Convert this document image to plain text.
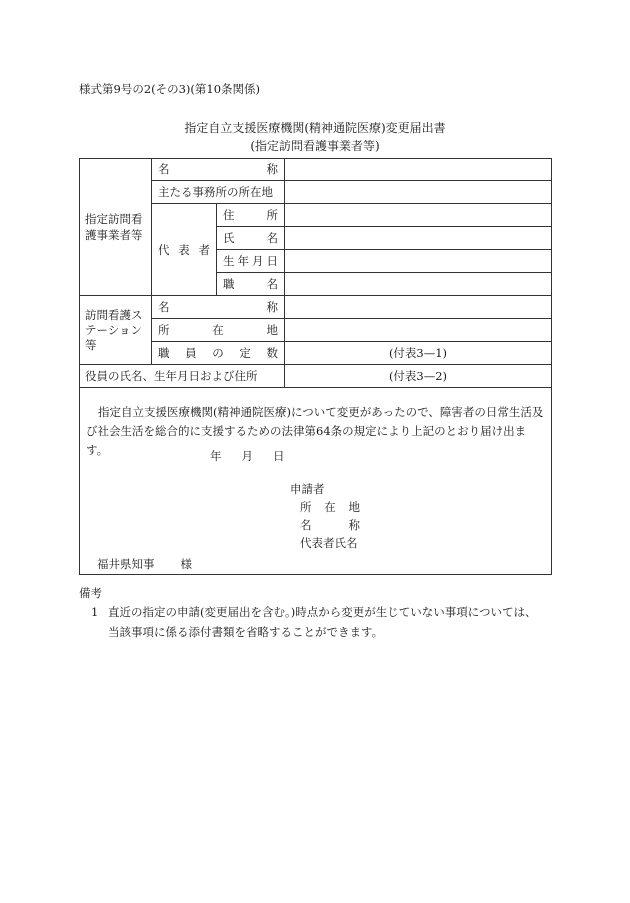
様式第9号の2(その3)(第10条関係)
指定自立支援医療機関(精神通院医療)変更届出書
(指定訪問看護事業者等)
指定訪問看
護事業者等
名	称
主たる事務所の所在地
代 表 者
住	所
氏	名
生 年 月 日
職	名
訪問看護ス
テーション
等
名	称
所	在	地
職 員 の 定 数	(付表3—1)
役員の氏名、生年月日および住所	(付表3—2)
指定自立支援医療機関(精神通院医療)について変更があったので、障害者の日常生活及び社会生活を総合的に支援するための法律第64条の規定により上記のとおり届け出ます。	年 月 日
申請者
所 在 地
名	称
代表者氏名
福井県知事 様
備考
1 直近の指定の申請(変更届出を含む。)時点から変更が生じていない事項については、
当該事項に係る添付書類を省略することができます。
